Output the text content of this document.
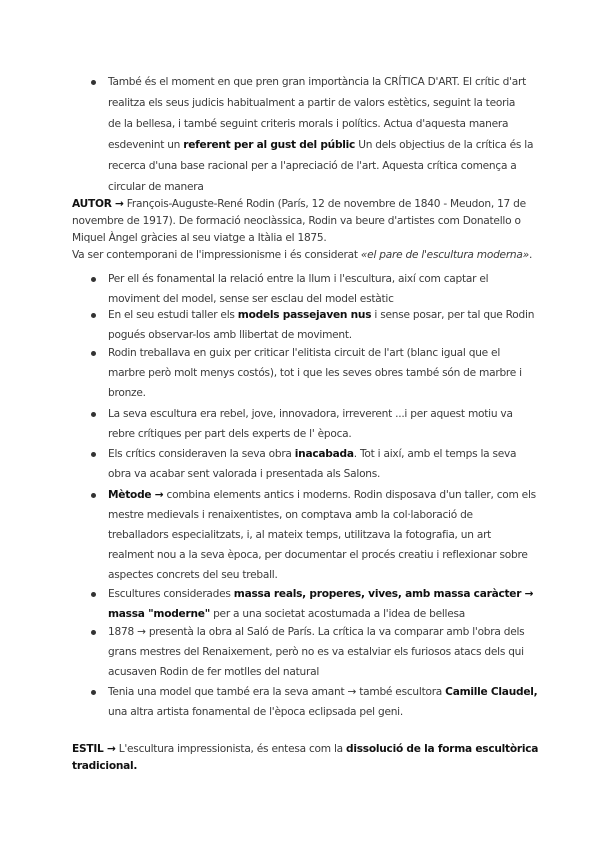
També és el moment en que pren gran importància la CRÍTICA D'ART. El crític d'art
realitza els seus judicis habitualment a partir de valors estètics, seguint la teoria
de la bellesa, i també seguint criteris morals i polítics. Actua d'aquesta manera
esdevenint un referent per al gust del públic Un dels objectius de la crítica és la
recerca d'una base racional per a l'apreciació de l'art. Aquesta crítica comença a
circular de manera
AUTOR → François-Auguste-René Rodin (París, 12 de novembre de 1840 - Meudon, 17 de
novembre de 1917). De formació neoclàssica, Rodin va beure d'artistes com Donatello o
Miquel Àngel gràcies al seu viatge a Itàlia el 1875.
Va ser contemporani de l'impressionisme i és considerat «el pare de l'escultura moderna».
Per ell és fonamental la relació entre la llum i l'escultura, així com captar el
moviment del model, sense ser esclau del model estàtic
En el seu estudi taller els models passejaven nus i sense posar, per tal que Rodin
pogués observar-los amb llibertat de moviment.
Rodin treballava en guix per criticar l'elitista circuit de l'art (blanc igual que el
marbre però molt menys costós), tot i que les seves obres també són de marbre i
bronze.
La seva escultura era rebel, jove, innovadora, irreverent ...i per aquest motiu va
rebre crítiques per part dels experts de l' època.
Els crítics consideraven la seva obra inacabada. Tot i així, amb el temps la seva
obra va acabar sent valorada i presentada als Salons.
Mètode → combina elements antics i moderns. Rodin disposava d'un taller, com els
mestre medievals i renaixentistes, on comptava amb la col·laboració de
treballadors especialitzats, i, al mateix temps, utilitzava la fotografia, un art
realment nou a la seva època, per documentar el procés creatiu i reflexionar sobre
aspectes concrets del seu treball.
Escultures considerades massa reals, properes, vives, amb massa caràcter →
massa "moderne" per a una societat acostumada a l'idea de bellesa
1878 → presentà la obra al Saló de París. La crítica la va comparar amb l'obra dels
grans mestres del Renaixement, però no es va estalviar els furiosos atacs dels qui
acusaven Rodin de fer motlles del natural
Tenia una model que també era la seva amant → també escultora Camille Claudel,
una altra artista fonamental de l'època eclipsada pel geni.
ESTIL → L'escultura impressionista, és entesa com la dissolució de la forma escultòrica
tradicional.
